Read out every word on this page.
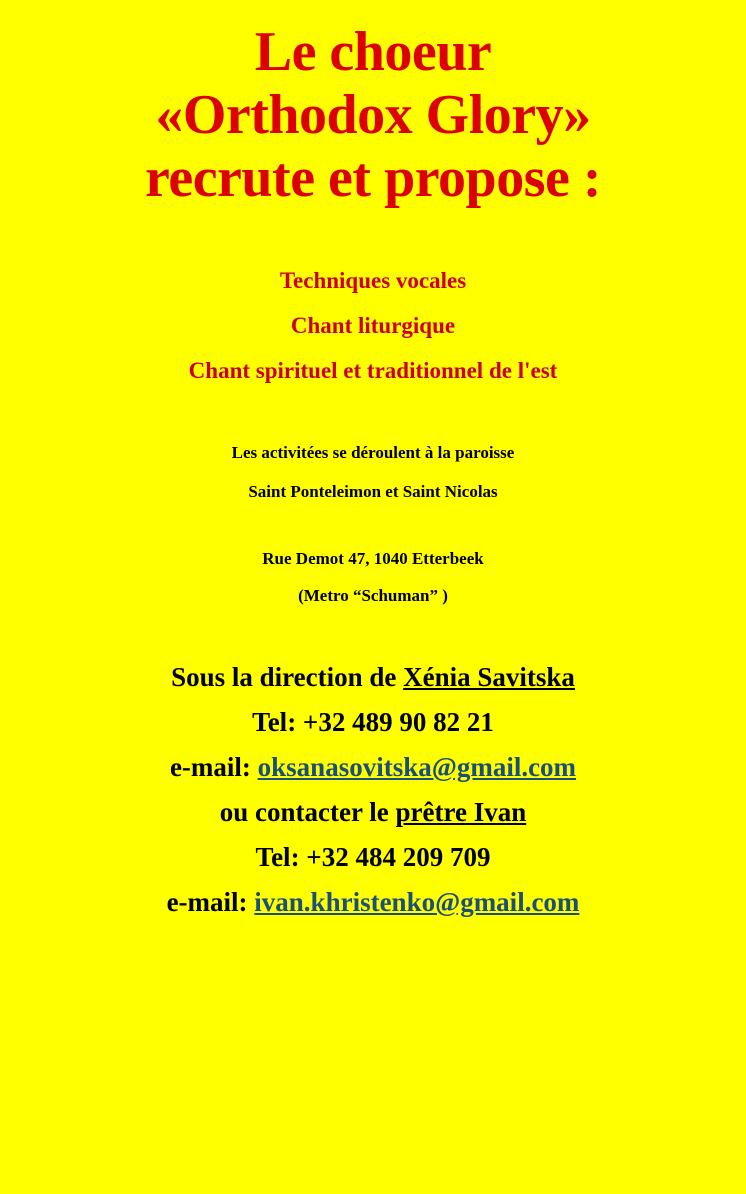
Le choeur
«Orthodox Glory»
recrute et propose :
Techniques vocales
Chant liturgique
Chant spirituel et traditionnel de l'est
Les activitées se déroulent à la paroisse
Saint Ponteleimon et Saint Nicolas
Rue Demot 47, 1040 Etterbeek
(Metro “Schuman” )
Sous la direction de Xénia Savitska
Tel: +32 489 90 82 21
e-mail: oksanasovitska@gmail.com
ou contacter le prêtre Ivan
Tel: +32 484 209 709
e-mail: ivan.khristenko@gmail.com
